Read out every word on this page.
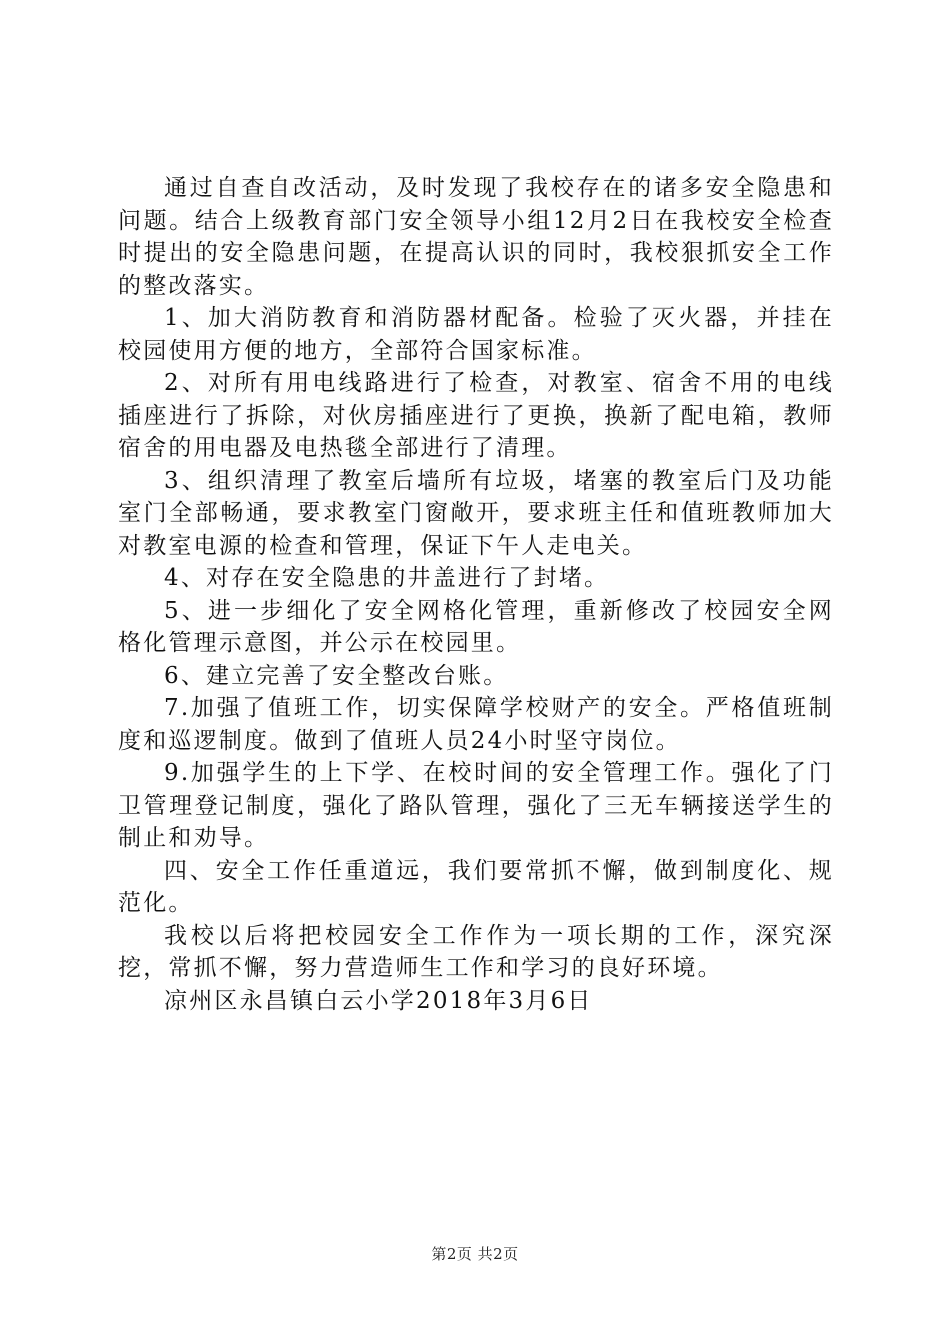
通过自查自改活动，及时发现了我校存在的诸多安全隐患和问题。结合上级教育部门安全领导小组12月2日在我校安全检查时提出的安全隐患问题，在提高认识的同时，我校狠抓安全工作的整改落实。

1、加大消防教育和消防器材配备。检验了灭火器，并挂在校园使用方便的地方，全部符合国家标准。

2、对所有用电线路进行了检查，对教室、宿舍不用的电线插座进行了拆除，对伙房插座进行了更换，换新了配电箱，教师宿舍的用电器及电热毯全部进行了清理。

3、组织清理了教室后墙所有垃圾，堵塞的教室后门及功能室门全部畅通，要求教室门窗敞开，要求班主任和值班教师加大对教室电源的检查和管理，保证下午人走电关。

4、对存在安全隐患的井盖进行了封堵。

5、进一步细化了安全网格化管理，重新修改了校园安全网格化管理示意图，并公示在校园里。

6、建立完善了安全整改台账。

7.加强了值班工作，切实保障学校财产的安全。严格值班制度和巡逻制度。做到了值班人员24小时坚守岗位。

9.加强学生的上下学、在校时间的安全管理工作。强化了门卫管理登记制度，强化了路队管理，强化了三无车辆接送学生的制止和劝导。

四、安全工作任重道远，我们要常抓不懈，做到制度化、规范化。

我校以后将把校园安全工作作为一项长期的工作，深究深挖，常抓不懈，努力营造师生工作和学习的良好环境。

凉州区永昌镇白云小学2018年3月6日

第2页 共2页
